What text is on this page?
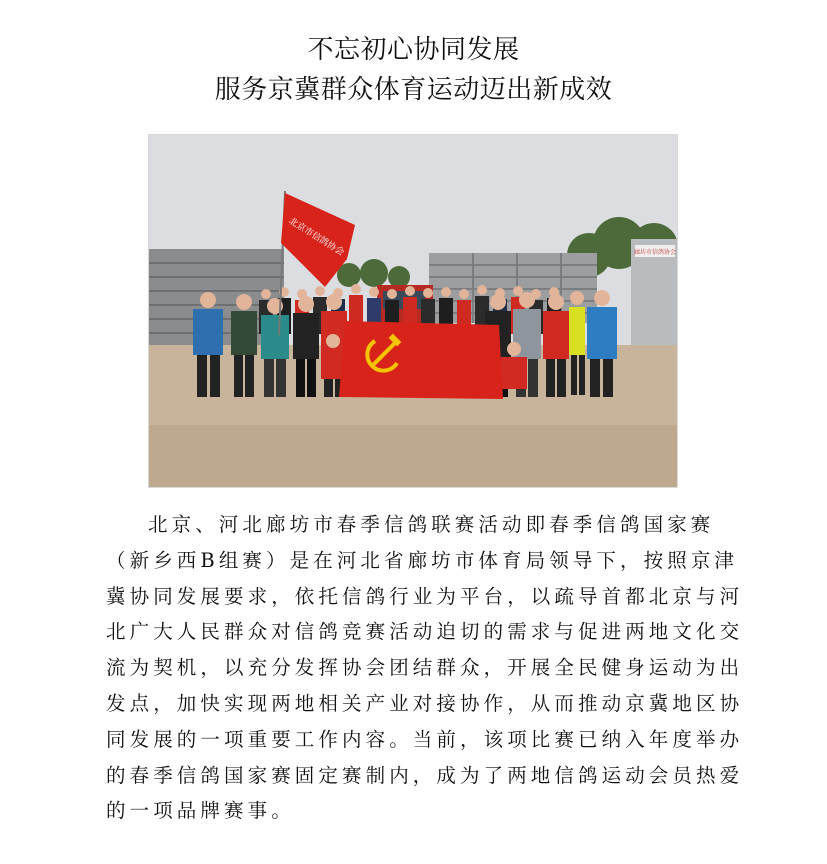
不忘初心协同发展
服务京冀群众体育运动迈出新成效
廊坊市信鸽协会
北京市信鸽协会
北京、河北廊坊市春季信鸽联赛活动即春季信鸽国家赛
（新乡西B组赛）是在河北省廊坊市体育局领导下，按照京津
冀协同发展要求，依托信鸽行业为平台，以疏导首都北京与河
北广大人民群众对信鸽竞赛活动迫切的需求与促进两地文化交
流为契机，以充分发挥协会团结群众，开展全民健身运动为出
发点，加快实现两地相关产业对接协作，从而推动京冀地区协
同发展的一项重要工作内容。当前，该项比赛已纳入年度举办
的春季信鸽国家赛固定赛制内，成为了两地信鸽运动会员热爱
的一项品牌赛事。
